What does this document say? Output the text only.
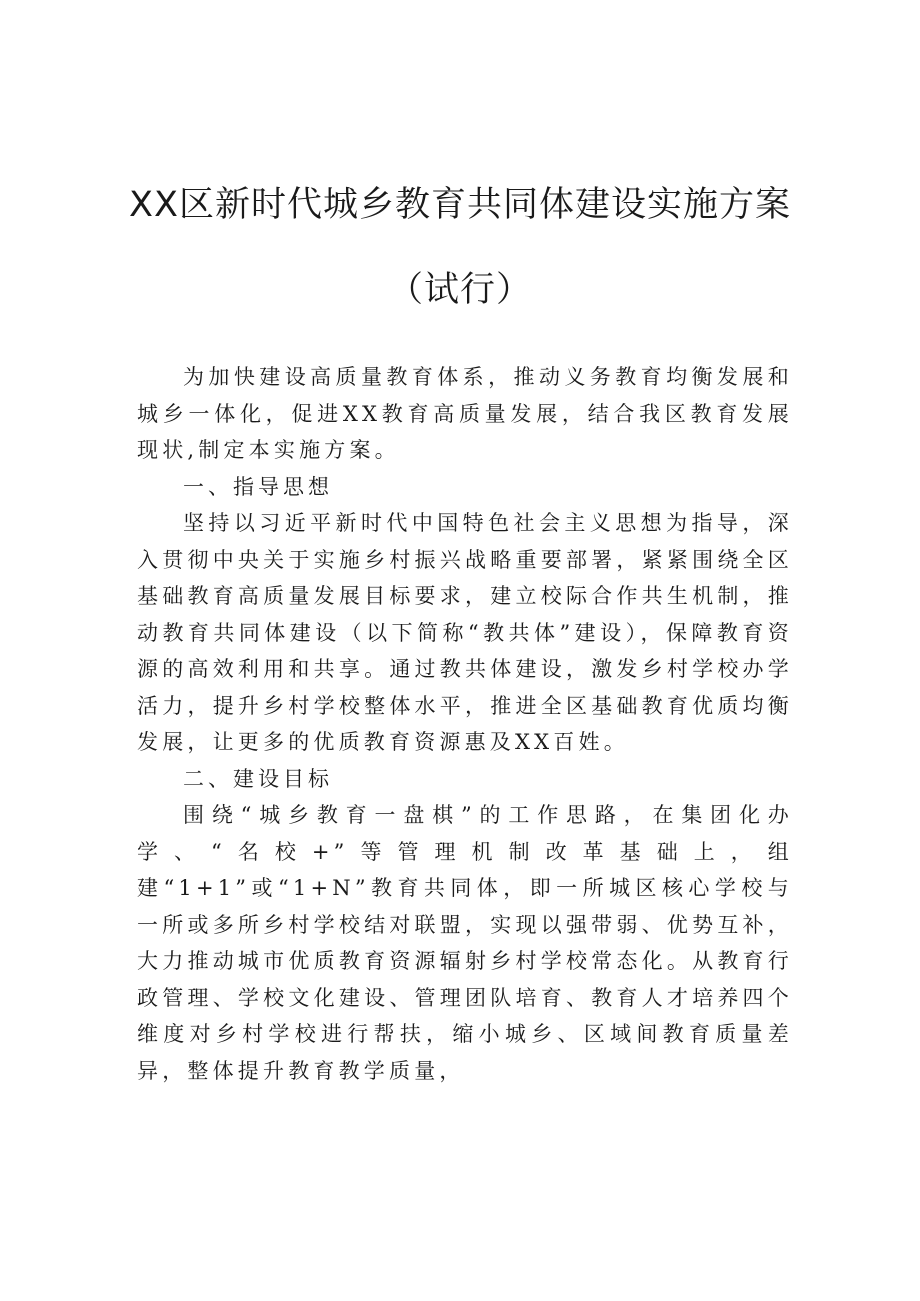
XX区新时代城乡教育共同体建设实施方案
（试行）

为加快建设高质量教育体系，推动义务教育均衡发展和城乡一体化，促进XX教育高质量发展，结合我区教育发展现状,制定本实施方案。

一、指导思想

坚持以习近平新时代中国特色社会主义思想为指导，深入贯彻中央关于实施乡村振兴战略重要部署，紧紧围绕全区基础教育高质量发展目标要求，建立校际合作共生机制，推动教育共同体建设（以下简称“教共体”建设），保障教育资源的高效利用和共享。通过教共体建设，激发乡村学校办学活力，提升乡村学校整体水平，推进全区基础教育优质均衡发展，让更多的优质教育资源惠及XX百姓。

二、建设目标

围绕“城乡教育一盘棋”的工作思路，在集团化办学、“名校+”等管理机制改革基础上，组建“1+1”或“1+N”教育共同体，即一所城区核心学校与一所或多所乡村学校结对联盟，实现以强带弱、优势互补，大力推动城市优质教育资源辐射乡村学校常态化。从教育行政管理、学校文化建设、管理团队培育、教育人才培养四个维度对乡村学校进行帮扶，缩小城乡、区域间教育质量差异，整体提升教育教学质量，
